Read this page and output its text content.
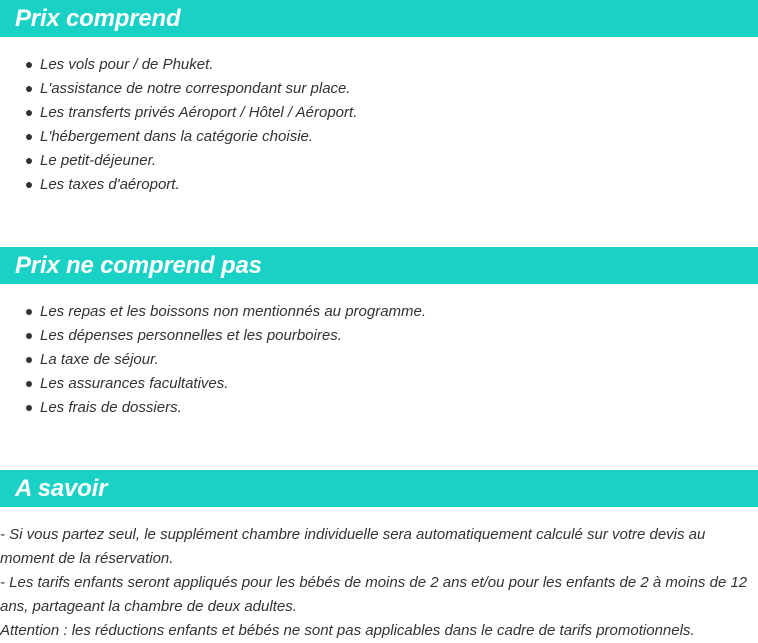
Prix comprend
Les vols pour / de Phuket.
L'assistance de notre correspondant sur place.
Les transferts privés Aéroport / Hôtel / Aéroport.
L'hébergement dans la catégorie choisie.
Le petit-déjeuner.
Les taxes d'aéroport.
Prix ne comprend pas
Les repas et les boissons non mentionnés au programme.
Les dépenses personnelles et les pourboires.
La taxe de séjour.
Les assurances facultatives.
Les frais de dossiers.
A savoir
- Si vous partez seul, le supplément chambre individuelle sera automatiquement calculé sur votre devis au moment de la réservation.
- Les tarifs enfants seront appliqués pour les bébés de moins de 2 ans et/ou pour les enfants de 2 à moins de 12 ans, partageant la chambre de deux adultes.
Attention : les réductions enfants et bébés ne sont pas applicables dans le cadre de tarifs promotionnels.
